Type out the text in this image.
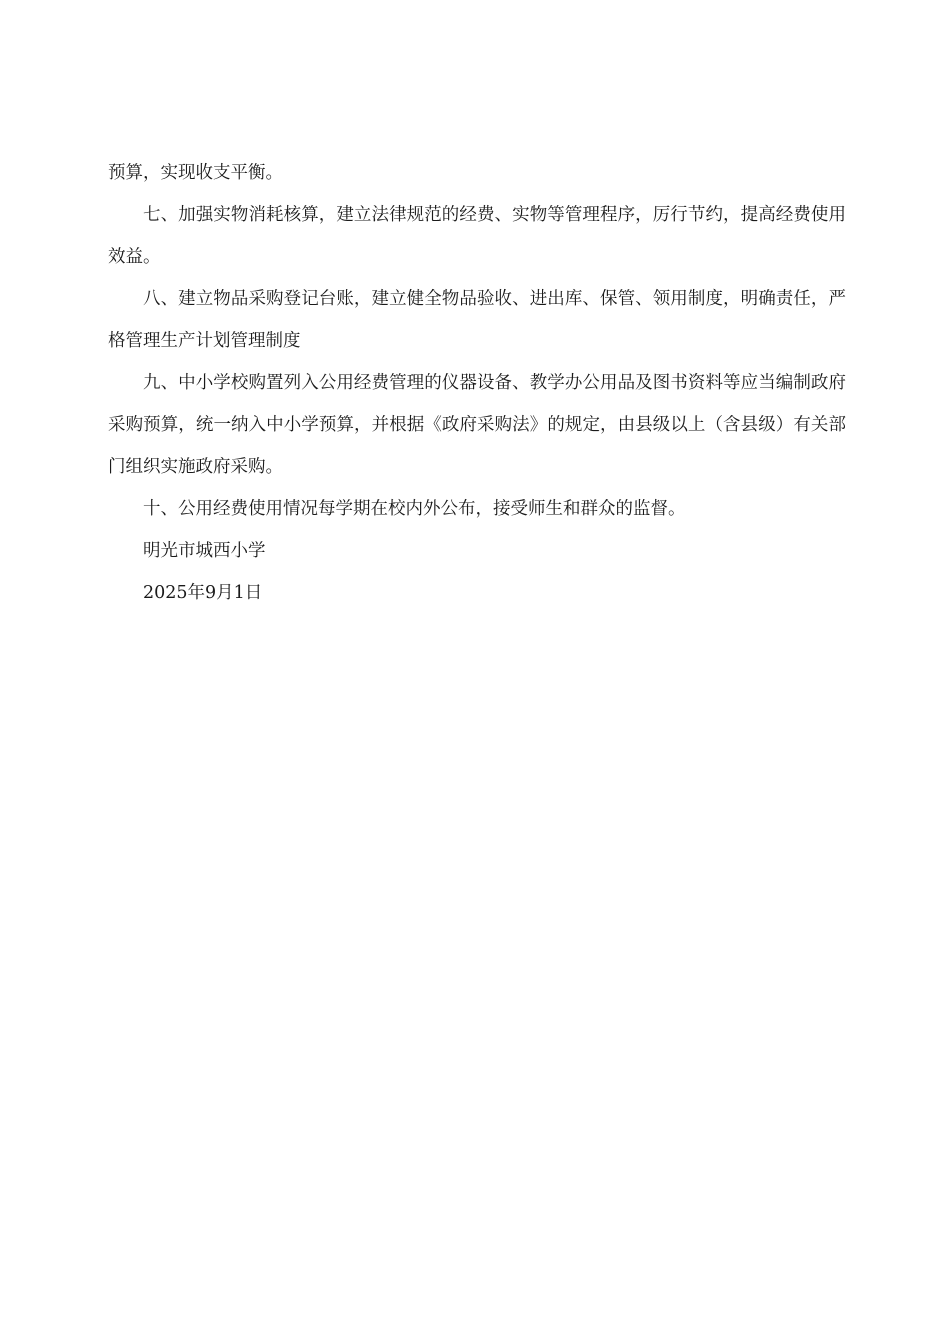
预算，实现收支平衡。

七、加强实物消耗核算，建立法律规范的经费、实物等管理程序，厉行节约，提高经费使用效益。

八、建立物品采购登记台账，建立健全物品验收、进出库、保管、领用制度，明确责任，严格管理生产计划管理制度

九、中小学校购置列入公用经费管理的仪器设备、教学办公用品及图书资料等应当编制政府采购预算，统一纳入中小学预算，并根据《政府采购法》的规定，由县级以上（含县级）有关部门组织实施政府采购。

十、公用经费使用情况每学期在校内外公布，接受师生和群众的监督。

明光市城西小学

2025年9月1日
